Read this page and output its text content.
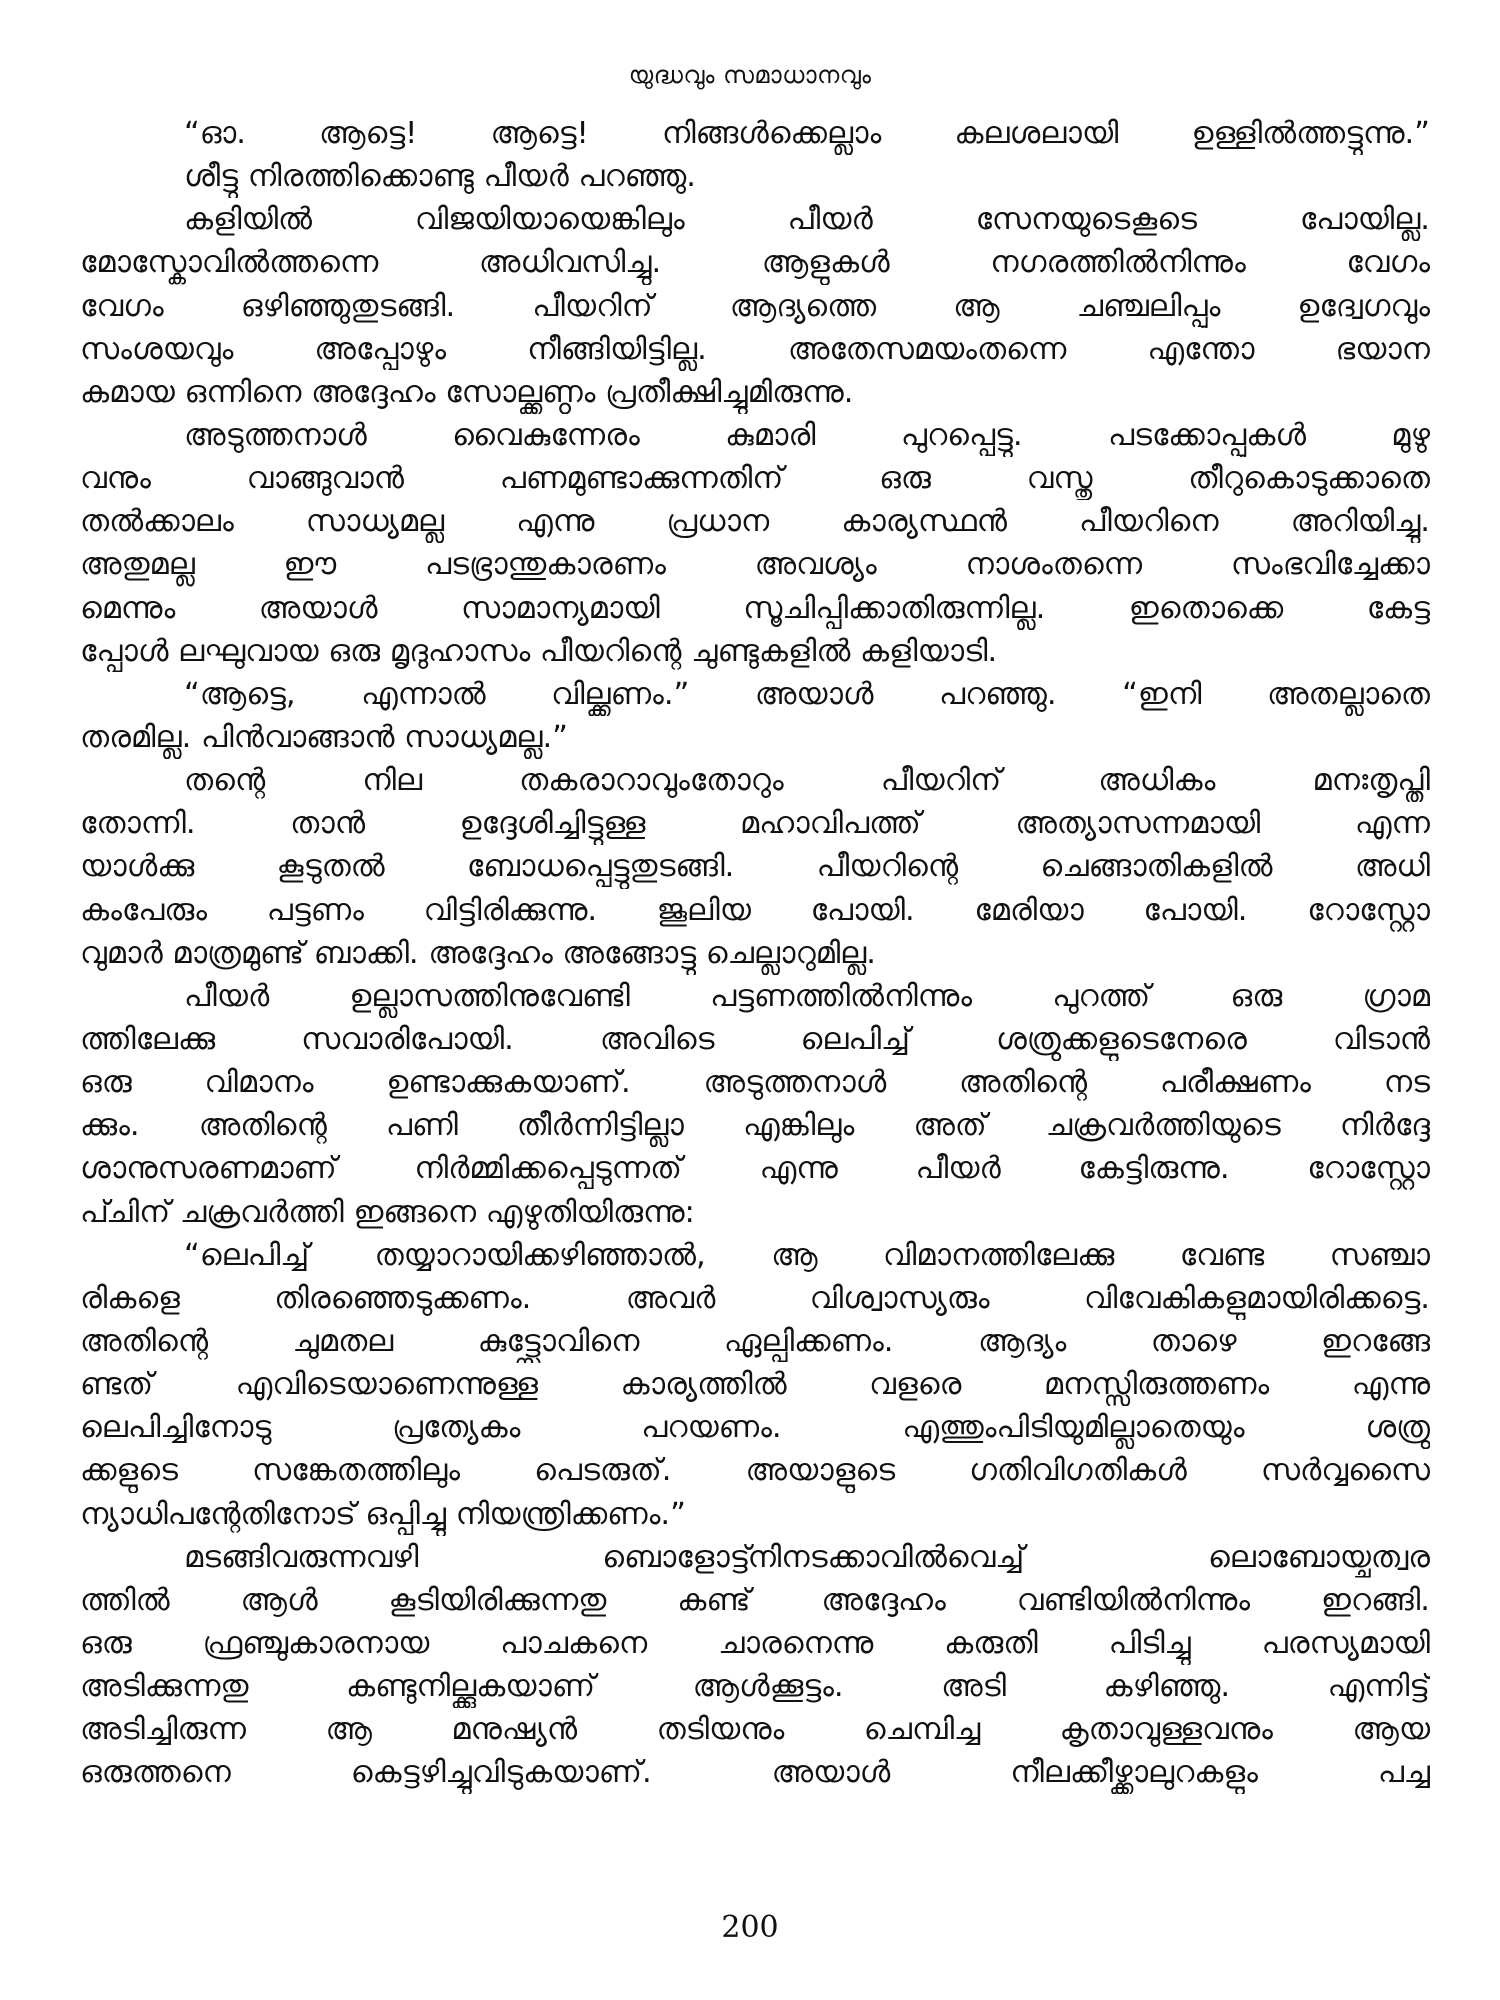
യുദ്ധവും സമാധാനവും
“ഓ. ആട്ടെ! ആട്ടെ! നിങ്ങൾക്കെല്ലാം കലശലായി ഉള്ളിൽത്തട്ടുന്നു.”
ശീട്ടു നിരത്തിക്കൊണ്ടു പീയർ പറഞ്ഞു.
കളിയിൽ വിജയിയായെങ്കിലും പീയർ സേനയുടെകൂടെ പോയില്ല.
മോസ്കോവിൽത്തന്നെ അധിവസിച്ചു. ആളുകൾ നഗരത്തിൽനിന്നും വേഗം
വേഗം ഒഴിഞ്ഞുതുടങ്ങി. പീയറിന് ആദ്യത്തെ ആ ചഞ്ചലിപ്പും ഉദ്വേഗവും
സംശയവും അപ്പോഴും നീങ്ങിയിട്ടില്ല. അതേസമയംതന്നെ എന്തോ ഭയാന
കമായ ഒന്നിനെ അദ്ദേഹം സോല്ക്കണ്ഠം പ്രതീക്ഷിച്ചുമിരുന്നു.
അടുത്തനാൾ വൈകുന്നേരം കുമാരി പുറപ്പെട്ടു. പടക്കോപ്പുകൾ മുഴു
വനും വാങ്ങുവാൻ പണമുണ്ടാക്കുന്നതിന് ഒരു വസ്തു തീറുകൊടുക്കാതെ
തൽക്കാലം സാധ്യമല്ല എന്നു പ്രധാന കാര്യസ്ഥൻ പീയറിനെ അറിയിച്ചു.
അതുമല്ല ഈ പടഭ്രാന്തുകാരണം അവശ്യം നാശംതന്നെ സംഭവിച്ചേക്കാ
മെന്നും അയാൾ സാമാന്യമായി സൂചിപ്പിക്കാതിരുന്നില്ല. ഇതൊക്കെ കേട്ട
പ്പോൾ ലഘുവായ ഒരു മൃദുഹാസം പീയറിന്റെ ചുണ്ടുകളിൽ കളിയാടി.
“ആട്ടെ, എന്നാൽ വില്ക്കണം.” അയാൾ പറഞ്ഞു. “ഇനി അതല്ലാതെ
തരമില്ല. പിൻവാങ്ങാൻ സാധ്യമല്ല.”
തന്റെ നില തകരാറാവുംതോറും പീയറിന് അധികം മനഃതൃപ്തി
തോന്നി. താൻ ഉദ്ദേശിച്ചിട്ടുള്ള മഹാവിപത്ത് അത്യാസന്നമായി എന്ന
യാൾക്കു കൂടുതൽ ബോധപ്പെട്ടുതുടങ്ങി. പീയറിന്റെ ചെങ്ങാതികളിൽ അധി
കംപേരും പട്ടണം വിട്ടിരിക്കുന്നു. ജൂലിയ പോയി. മേരിയാ പോയി. റോസ്റ്റോ
വുമാർ മാത്രമുണ്ട് ബാക്കി. അദ്ദേഹം അങ്ങോട്ടു ചെല്ലാറുമില്ല.
പീയർ ഉല്ലാസത്തിനുവേണ്ടി പട്ടണത്തിൽനിന്നും പുറത്ത് ഒരു ഗ്രാമ
ത്തിലേക്കു സവാരിപോയി. അവിടെ ലെപിച്ച് ശത്രുക്കളുടെനേരെ വിടാൻ
ഒരു വിമാനം ഉണ്ടാക്കുകയാണ്. അടുത്തനാൾ അതിന്റെ പരീക്ഷണം നട
ക്കും. അതിന്റെ പണി തീർന്നിട്ടില്ലാ എങ്കിലും അത് ചക്രവർത്തിയുടെ നിർദ്ദേ
ശാനുസരണമാണ് നിർമ്മിക്കപ്പെടുന്നത് എന്നു പീയർ കേട്ടിരുന്നു. റോസ്റ്റോ
പ്ചിന് ചക്രവർത്തി ഇങ്ങനെ എഴുതിയിരുന്നു:
“ലെപിച്ച് തയ്യാറായിക്കഴിഞ്ഞാൽ, ആ വിമാനത്തിലേക്കു വേണ്ട സഞ്ചാ
രികളെ തിരഞ്ഞെടുക്കണം. അവർ വിശ്വാസ്യരും വിവേകികളുമായിരിക്കട്ടെ.
അതിന്റെ ചുമതല കുട്ട്സോവിനെ ഏല്പിക്കണം. ആദ്യം താഴെ ഇറങ്ങേ
ണ്ടത് എവിടെയാണെന്നുള്ള കാര്യത്തിൽ വളരെ മനസ്സിരുത്തണം എന്നു
ലെപിച്ചിനോടു പ്രത്യേകം പറയണം. എത്തുംപിടിയുമില്ലാതെയും ശത്രു
ക്കളുടെ സങ്കേതത്തിലും പെടരുത്. അയാളുടെ ഗതിവിഗതികൾ സർവ്വസൈ
ന്യാധിപന്റേതിനോട് ഒപ്പിച്ചു നിയന്ത്രിക്കണം.”
മടങ്ങിവരുന്നവഴി ബൊളോട്ട്നിനടക്കാവിൽവെച്ച് ലൊബോയ്ചത്വര
ത്തിൽ ആൾ കൂടിയിരിക്കുന്നതു കണ്ട് അദ്ദേഹം വണ്ടിയിൽനിന്നും ഇറങ്ങി.
ഒരു ഫ്രഞ്ചുകാരനായ പാചകനെ ചാരനെന്നു കരുതി പിടിച്ചു പരസ്യമായി
അടിക്കുന്നതു കണ്ടുനില്ക്കുകയാണ് ആൾക്കൂട്ടം. അടി കഴിഞ്ഞു. എന്നിട്ട്
അടിച്ചിരുന്ന ആ മനുഷ്യൻ തടിയനും ചെമ്പിച്ച കൃതാവുള്ളവനും ആയ
ഒരുത്തനെ കെട്ടഴിച്ചുവിടുകയാണ്. അയാൾ നീലക്കീഴ്ക്കാലുറകളും പച്ച
200
